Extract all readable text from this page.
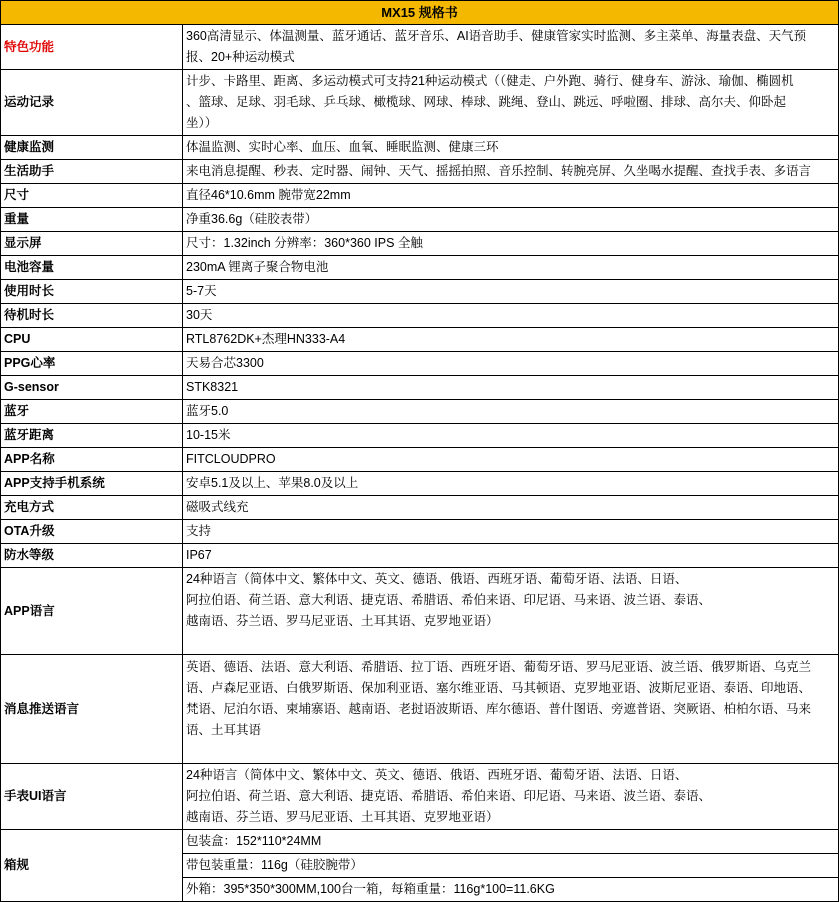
MX15 规格书	
特色功能	360高清显示、体温测量、蓝牙通话、蓝牙音乐、AI语音助手、健康管家实时监测、多主菜单、海量表盘、天气预
报、20+种运动模式

运动记录	计步、卡路里、距离、多运动模式可支持21种运动模式（（健走、户外跑、骑行、健身车、游泳、瑜伽、椭圆机
、篮球、足球、羽毛球、乒乓球、橄榄球、网球、棒球、跳绳、登山、跳远、呼啦圈、排球、高尔夫、仰卧起
坐））

健康监测	体温监测、实时心率、血压、血氧、睡眠监测、健康三环

生活助手	来电消息提醒、秒表、定时器、闹钟、天气、摇摇拍照、音乐控制、转腕亮屏、久坐喝水提醒、查找手表、多语言

尺寸	直径46*10.6mm 腕带宽22mm

重量	净重36.6g（硅胶表带）

显示屏	尺寸：1.32inch 分辨率：360*360 IPS 全触

电池容量	230mA 锂离子聚合物电池

使用时长	5-7天

待机时长	30天

CPU	RTL8762DK+杰理HN333-A4

PPG心率	天易合芯3300

G-sensor	STK8321

蓝牙	蓝牙5.0

蓝牙距离	10-15米

APP名称	FITCLOUDPRO

APP支持手机系统	安卓5.1及以上、苹果8.0及以上

充电方式	磁吸式线充

OTA升级	支持

防水等级	IP67

APP语言	24种语言（简体中文、繁体中文、英文、德语、俄语、西班牙语、葡萄牙语、法语、日语、
阿拉伯语、荷兰语、意大利语、捷克语、希腊语、希伯来语、印尼语、马来语、波兰语、泰语、
越南语、芬兰语、罗马尼亚语、土耳其语、克罗地亚语）

消息推送语言	英语、德语、法语、意大利语、希腊语、拉丁语、西班牙语、葡萄牙语、罗马尼亚语、波兰语、俄罗斯语、乌克兰
语、卢森尼亚语、白俄罗斯语、保加利亚语、塞尔维亚语、马其顿语、克罗地亚语、波斯尼亚语、泰语、印地语、
梵语、尼泊尔语、柬埔寨语、越南语、老挝语波斯语、库尔德语、普什图语、旁遮普语、突厥语、柏柏尔语、马来
语、土耳其语

手表UI语言	24种语言（简体中文、繁体中文、英文、德语、俄语、西班牙语、葡萄牙语、法语、日语、
阿拉伯语、荷兰语、意大利语、捷克语、希腊语、希伯来语、印尼语、马来语、波兰语、泰语、
越南语、芬兰语、罗马尼亚语、土耳其语、克罗地亚语）

箱规	包装盒：152*110*24MM
	带包装重量：116g（硅胶腕带）
	外箱：395*350*300MM,100台一箱，每箱重量：116g*100=11.6KG
